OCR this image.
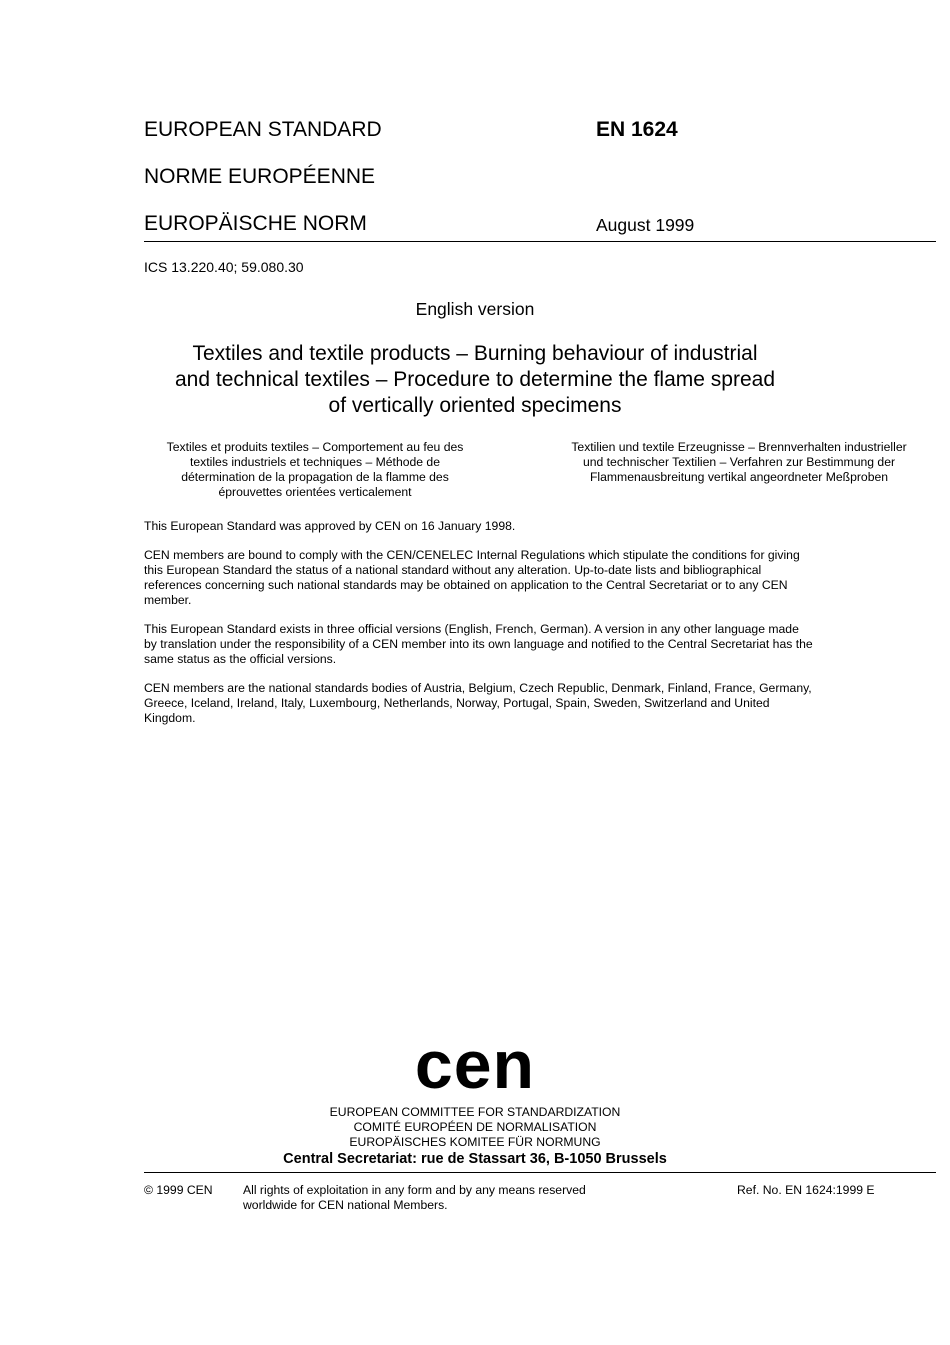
EUROPEAN STANDARD	EN 1624
NORME EUROPÉENNE
EUROPÄISCHE NORM	August 1999
ICS 13.220.40; 59.080.30
English version
Textiles and textile products – Burning behaviour of industrial
and technical textiles – Procedure to determine the flame spread
of vertically oriented specimens
Textiles et produits textiles – Comportement au feu des
textiles industriels et techniques – Méthode de
détermination de la propagation de la flamme des
éprouvettes orientées verticalement
Textilien und textile Erzeugnisse – Brennverhalten industrieller
und technischer Textilien – Verfahren zur Bestimmung der
Flammenausbreitung vertikal angeordneter Meßproben
This European Standard was approved by CEN on 16 January 1998.
CEN members are bound to comply with the CEN/CENELEC Internal Regulations which stipulate the conditions for giving this European Standard the status of a national standard without any alteration. Up-to-date lists and bibliographical references concerning such national standards may be obtained on application to the Central Secretariat or to any CEN member.
This European Standard exists in three official versions (English, French, German). A version in any other language made by translation under the responsibility of a CEN member into its own language and notified to the Central Secretariat has the same status as the official versions.
CEN members are the national standards bodies of Austria, Belgium, Czech Republic, Denmark, Finland, France, Germany, Greece, Iceland, Ireland, Italy, Luxembourg, Netherlands, Norway, Portugal, Spain, Sweden, Switzerland and United Kingdom.
cen
EUROPEAN COMMITTEE FOR STANDARDIZATION
COMITÉ EUROPÉEN DE NORMALISATION
EUROPÄISCHES KOMITEE FÜR NORMUNG
Central Secretariat: rue de Stassart 36, B-1050 Brussels
© 1999 CEN All rights of exploitation in any form and by any means reserved
worldwide for CEN national Members.
Ref. No. EN 1624:1999 E
